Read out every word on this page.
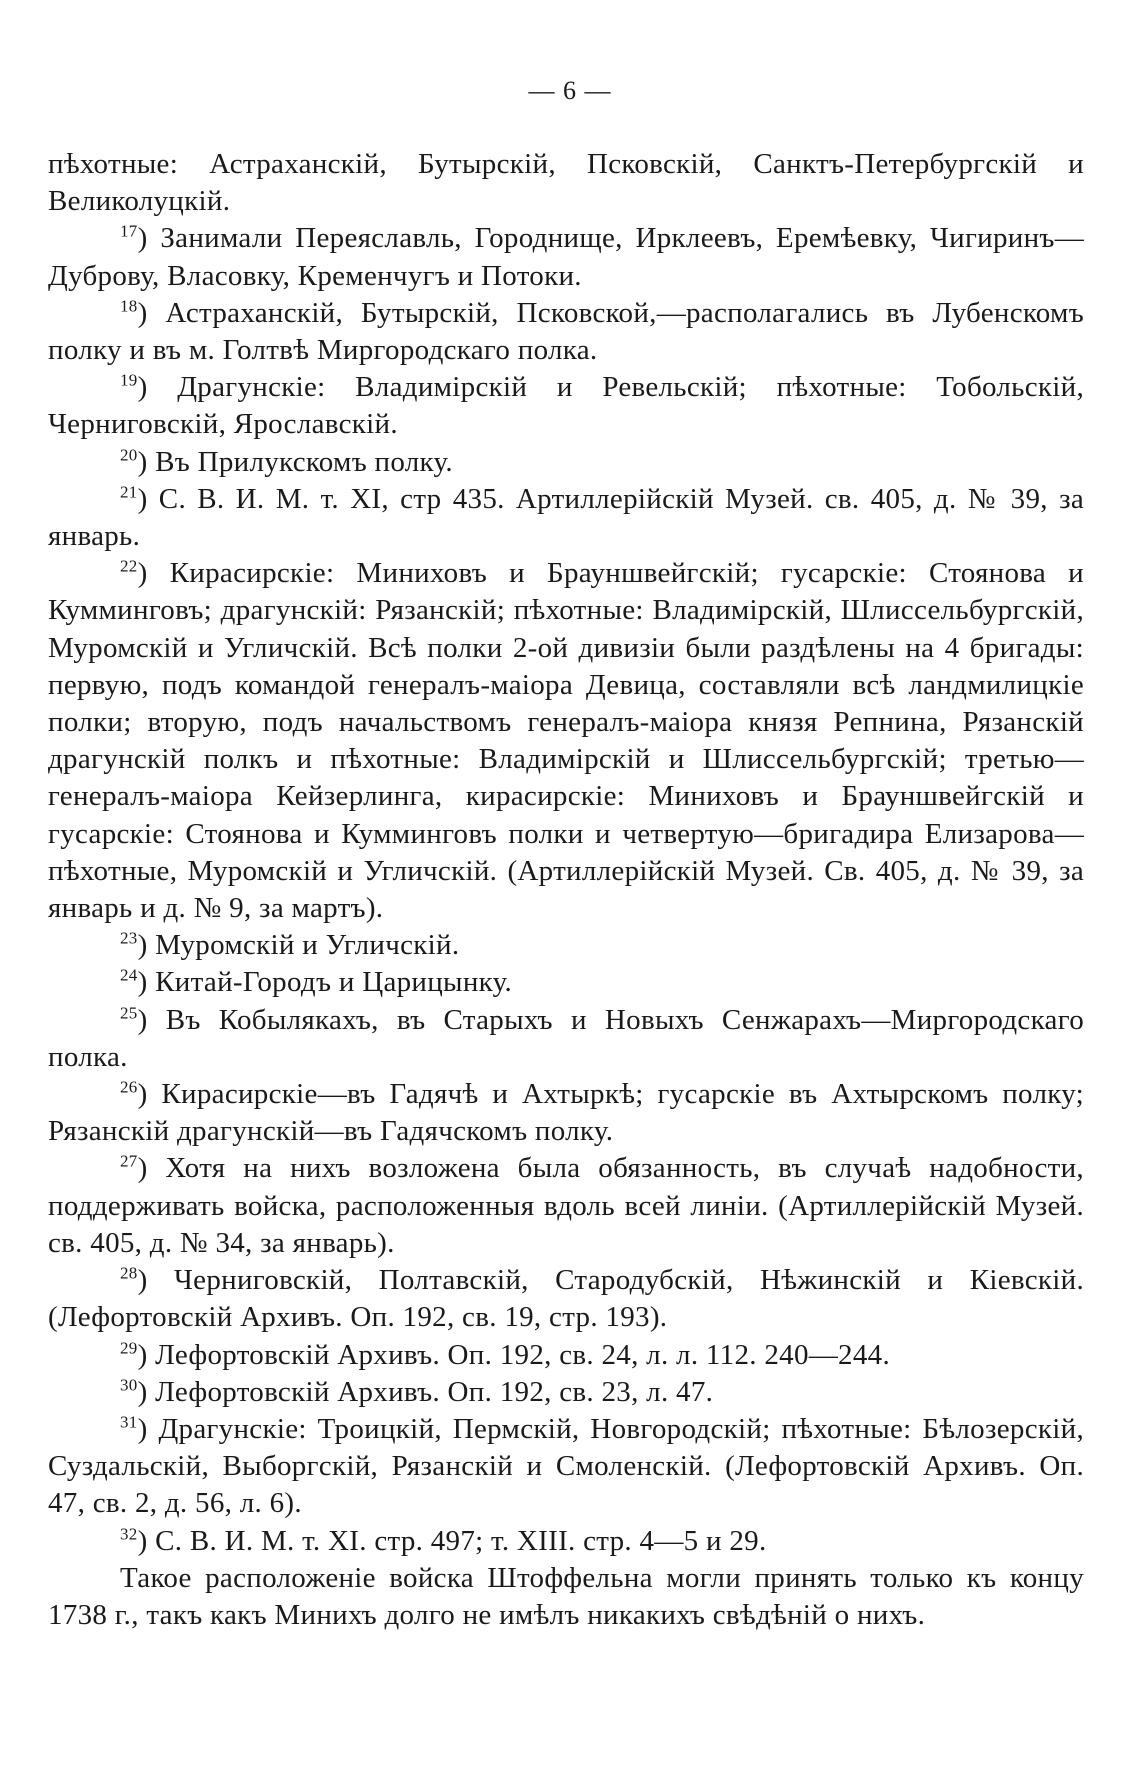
— 6 —

пѣхотные: Астраханскій, Бутырскій, Псковскій, Санктъ-Петербургскій и Великолуцкій.

$^{17}$) Занимали Переяславль, Городнище, Ирклеевъ, Еремѣевку, Чигиринъ—Дуброву, Власовку, Кременчугъ и Потоки.

$^{18}$) Астраханскій, Бутырскій, Псковской,—располагались въ Лубенскомъ полку и въ м. Голтвѣ Миргородскаго полка.

$^{19}$) Драгунскіе: Владимірскій и Ревельскій; пѣхотные: Тобольскій, Черниговскій, Ярославскій.

$^{20}$) Въ Прилукскомъ полку.

$^{21}$) С. В. И. М. т. XI, стр 435. Артиллерійскій Музей. св. 405, д. № 39, за январь.

$^{22}$) Кирасирскіе: Миниховъ и Брауншвейгскій; гусарскіе: Стоянова и Кумминговъ; драгунскій: Рязанскій; пѣхотные: Владимірскій, Шлиссельбургскій, Муромскій и Угличскій. Всѣ полки 2-ой дивизіи были раздѣлены на 4 бригады: первую, подъ командой генералъ-маіора Девица, составляли всѣ ландмилицкіе полки; вторую, подъ начальствомъ генералъ-маіора князя Репнина, Рязанскій драгунскій полкъ и пѣхотные: Владимірскій и Шлиссельбургскій; третью—генералъ-маіора Кейзерлинга, кирасирскіе: Миниховъ и Брауншвейгскій и гусарскіе: Стоянова и Кумминговъ полки и четвертую—бригадира Елизарова—пѣхотные, Муромскій и Угличскій. (Артиллерійскій Музей. Св. 405, д. № 39, за январь и д. № 9, за мартъ).

$^{23}$) Муромскій и Угличскій.

$^{24}$) Китай-Городъ и Царицынку.

$^{25}$) Въ Кобылякахъ, въ Старыхъ и Новыхъ Сенжарахъ—Миргородскаго полка.

$^{26}$) Кирасирскіе—въ Гадячѣ и Ахтыркѣ; гусарскіе въ Ахтырскомъ полку; Рязанскій драгунскій—въ Гадячскомъ полку.

$^{27}$) Хотя на нихъ возложена была обязанность, въ случаѣ надобности, поддерживать войска, расположенныя вдоль всей линіи. (Артиллерійскій Музей. св. 405, д. № 34, за январь).

$^{28}$) Черниговскій, Полтавскій, Стародубскій, Нѣжинскій и Кіевскій. (Лефортовскій Архивъ. Оп. 192, св. 19, стр. 193).

$^{29}$) Лефортовскій Архивъ. Оп. 192, св. 24, л. л. 112. 240—244.

$^{30}$) Лефортовскій Архивъ. Оп. 192, св. 23, л. 47.

$^{31}$) Драгунскіе: Троицкій, Пермскій, Новгородскій; пѣхотные: Бѣлозерскій, Суздальскій, Выборгскій, Рязанскій и Смоленскій. (Лефортовскій Архивъ. Оп. 47, св. 2, д. 56, л. 6).

$^{32}$) С. В. И. М. т. XI. стр. 497; т. XIII. стр. 4—5 и 29.

Такое расположеніе войска Штоффельна могли принять только къ концу 1738 г., такъ какъ Минихъ долго не имѣлъ никакихъ свѣдѣній о нихъ.
